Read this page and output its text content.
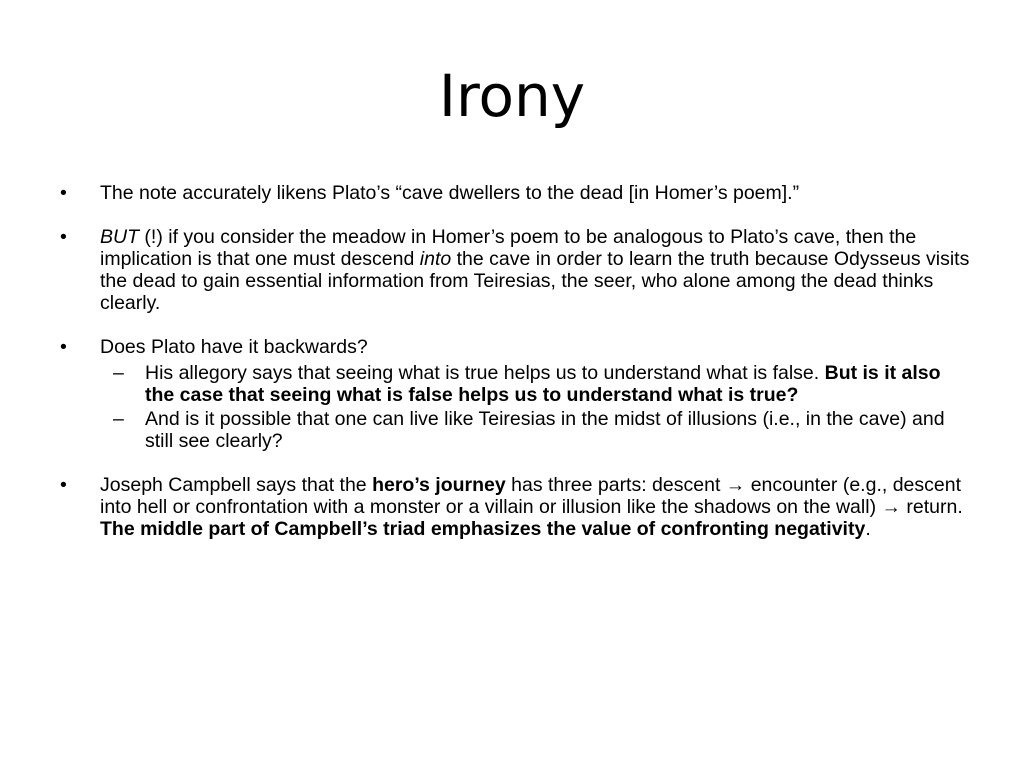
Irony
•	The note accurately likens Plato’s “cave dwellers to the dead [in Homer’s poem].”
•	BUT (!) if you consider the meadow in Homer’s poem to be analogous to Plato’s cave, then the implication is that one must descend into the cave in order to learn the truth because Odysseus visits the dead to gain essential information from Teiresias, the seer, who alone among the dead thinks clearly.
•	Does Plato have it backwards?
– His allegory says that seeing what is true helps us to understand what is false. But is it also the case that seeing what is false helps us to understand what is true?
– And is it possible that one can live like Teiresias in the midst of illusions (i.e., in the cave) and still see clearly?
•	Joseph Campbell says that the hero’s journey has three parts: descent → encounter (e.g., descent into hell or confrontation with a monster or a villain or illusion like the shadows on the wall) → return. The middle part of Campbell’s triad emphasizes the value of confronting negativity.
